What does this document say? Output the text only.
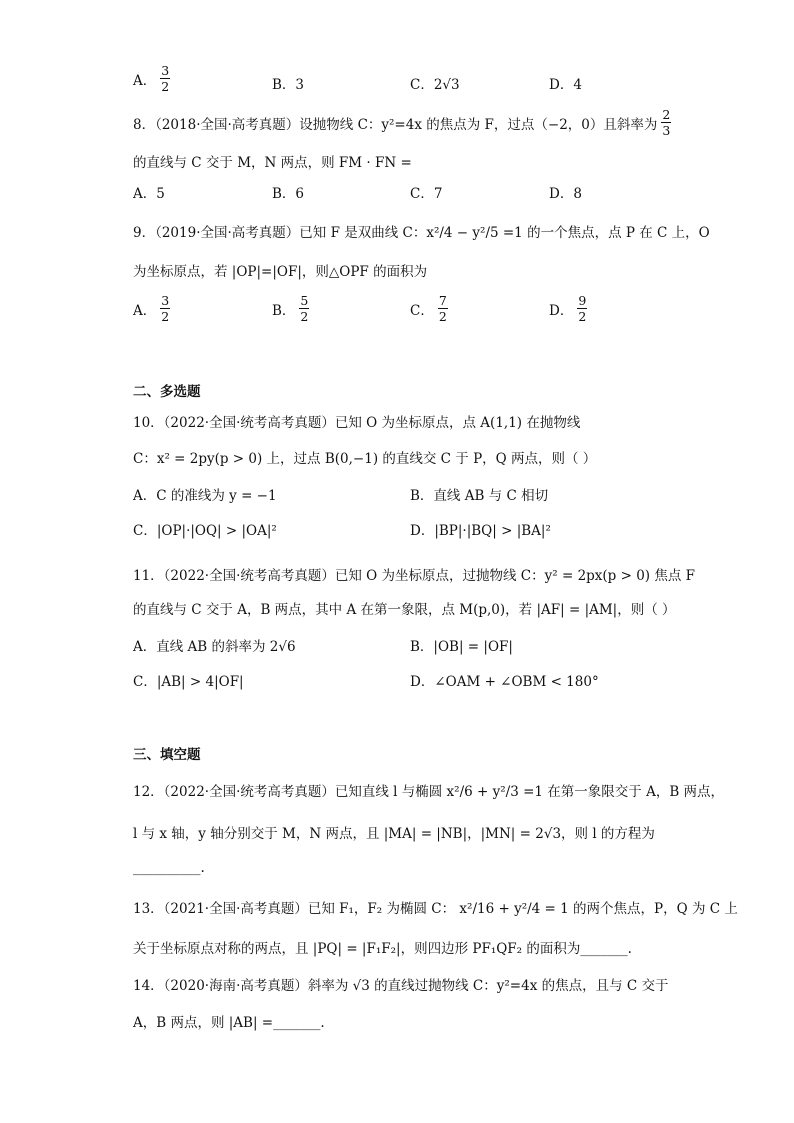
A． $\frac{3}{2}$	B．3	C．2√3	D．4
8．（2018·全国·高考真题）设抛物线 C：y²=4x 的焦点为 F，过点（−2，0）且斜率为 $\frac{2}{3}$
的直线与 C 交于 M，N 两点，则 FM · FN =
A．5	B．6	C．7	D．8
9．（2019·全国·高考真题）已知 F 是双曲线 C：x²/4 − y²/5 =1 的一个焦点，点 P 在 C 上，O
为坐标原点，若 |OP|=|OF|，则△OPF 的面积为
A． $\frac{3}{2}$	B． $\frac{5}{2}$	C． $\frac{7}{2}$	D． $\frac{9}{2}$
二、多选题
10．（2022·全国·统考高考真题）已知 O 为坐标原点，点 A(1,1) 在抛物线
C：x² = 2py(p > 0) 上，过点 B(0,−1) 的直线交 C 于 P，Q 两点，则（ ）
A．C 的准线为 y = −1	B．直线 AB 与 C 相切
C．|OP|·|OQ| > |OA|²	D．|BP|·|BQ| > |BA|²
11．（2022·全国·统考高考真题）已知 O 为坐标原点，过抛物线 C：y² = 2px(p > 0) 焦点 F
的直线与 C 交于 A，B 两点，其中 A 在第一象限，点 M(p,0)，若 |AF| = |AM|，则（ ）
A．直线 AB 的斜率为 2√6	B．|OB| = |OF|
C．|AB| > 4|OF|	D．∠OAM + ∠OBM < 180°
三、填空题
12．（2022·全国·统考高考真题）已知直线 l 与椭圆 x²/6 + y²/3 =1 在第一象限交于 A，B 两点，
l 与 x 轴，y 轴分别交于 M，N 两点，且 |MA| = |NB|，|MN| = 2√3，则 l 的方程为
__________.
13．（2021·全国·高考真题）已知 F₁，F₂ 为椭圆 C： x²/16 + y²/4 = 1 的两个焦点，P，Q 为 C 上
关于坐标原点对称的两点，且 |PQ| = |F₁F₂|，则四边形 PF₁QF₂ 的面积为_______.
14．（2020·海南·高考真题）斜率为 √3 的直线过抛物线 C：y²=4x 的焦点，且与 C 交于
A，B 两点，则 |AB| =_______.
